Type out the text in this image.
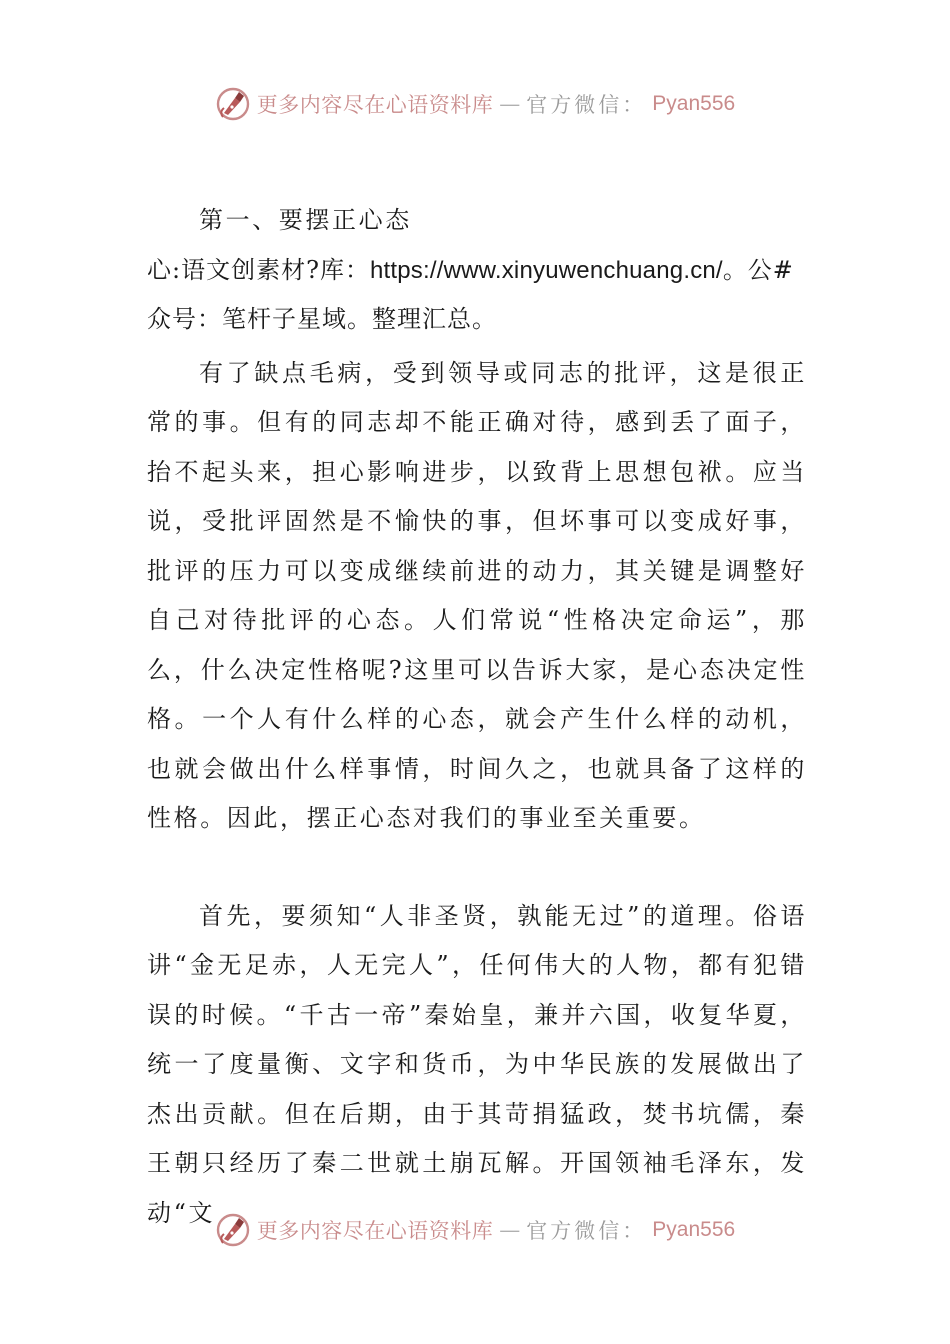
更多内容尽在心语资料库 — 官方微信： Pyan556

第一、要摆正心态

心:语文创素材?库：https://www.xinyuwenchuang.cn/。公#

众号：笔杆子星域。整理汇总。

有了缺点毛病，受到领导或同志的批评，这是很正常的事。但有的同志却不能正确对待，感到丢了面子，抬不起头来，担心影响进步，以致背上思想包袱。应当说，受批评固然是不愉快的事，但坏事可以变成好事，批评的压力可以变成继续前进的动力，其关键是调整好自己对待批评的心态。人们常说“性格决定命运”，那么，什么决定性格呢?这里可以告诉大家，是心态决定性格。一个人有什么样的心态，就会产生什么样的动机，也就会做出什么样事情，时间久之，也就具备了这样的性格。因此，摆正心态对我们的事业至关重要。

首先，要须知“人非圣贤，孰能无过”的道理。俗语讲“金无足赤，人无完人”，任何伟大的人物，都有犯错误的时候。“千古一帝”秦始皇，兼并六国，收复华夏，统一了度量衡、文字和货币，为中华民族的发展做出了杰出贡献。但在后期，由于其苛捐猛政，焚书坑儒，秦王朝只经历了秦二世就土崩瓦解。开国领袖毛泽东，发动“文

更多内容尽在心语资料库 — 官方微信： Pyan556
